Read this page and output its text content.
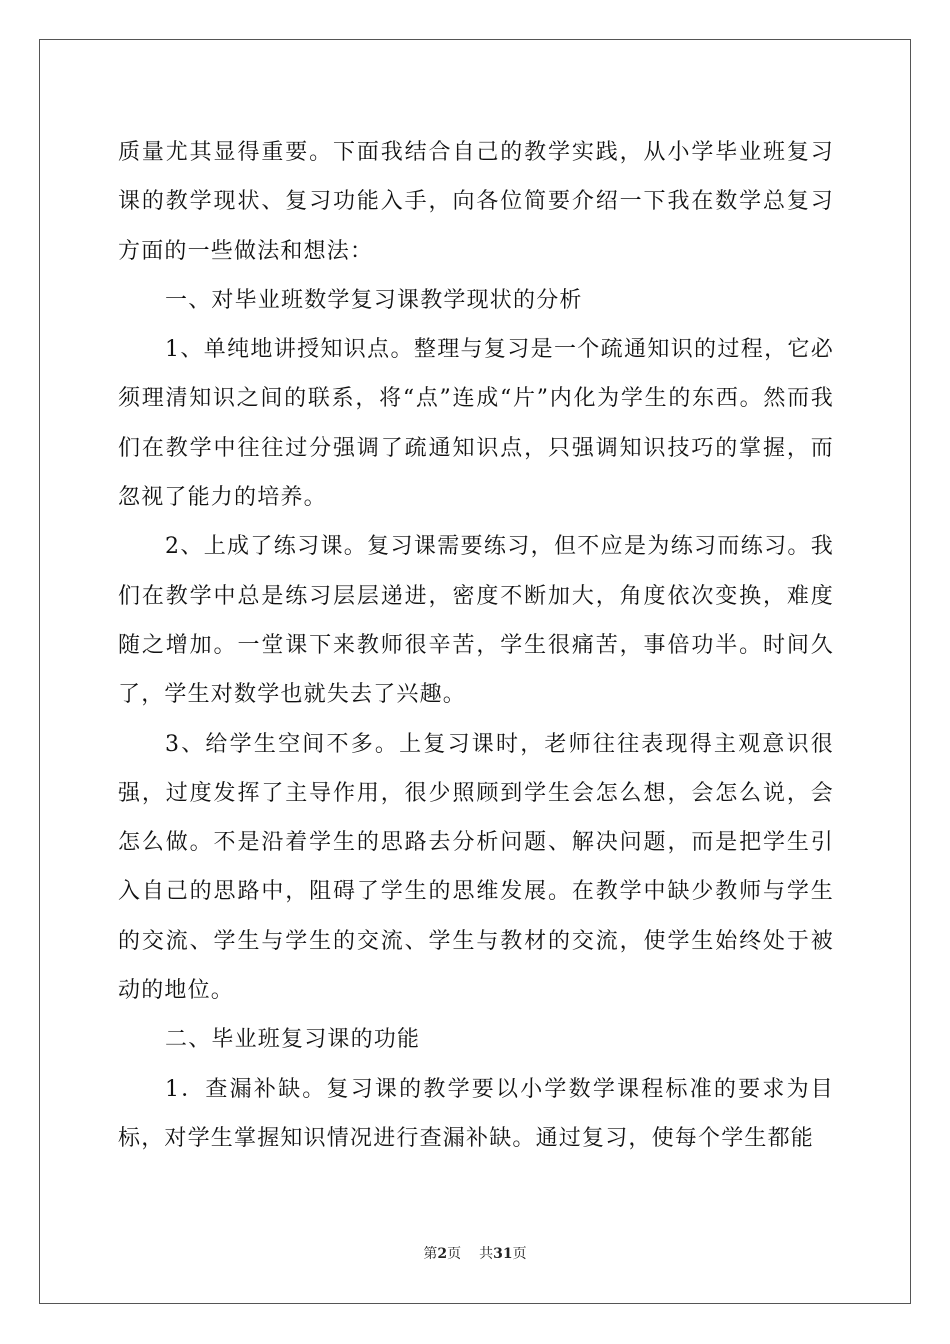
质量尤其显得重要。下面我结合自己的教学实践，从小学毕业班复习课的教学现状、复习功能入手，向各位简要介绍一下我在数学总复习方面的一些做法和想法：

一、对毕业班数学复习课教学现状的分析

1、单纯地讲授知识点。整理与复习是一个疏通知识的过程，它必须理清知识之间的联系，将“点”连成“片”内化为学生的东西。然而我们在教学中往往过分强调了疏通知识点，只强调知识技巧的掌握，而忽视了能力的培养。

2、上成了练习课。复习课需要练习，但不应是为练习而练习。我们在教学中总是练习层层递进，密度不断加大，角度依次变换，难度随之增加。一堂课下来教师很辛苦，学生很痛苦，事倍功半。时间久了，学生对数学也就失去了兴趣。

3、给学生空间不多。上复习课时，老师往往表现得主观意识很强，过度发挥了主导作用，很少照顾到学生会怎么想，会怎么说，会怎么做。不是沿着学生的思路去分析问题、解决问题，而是把学生引入自己的思路中，阻碍了学生的思维发展。在教学中缺少教师与学生的交流、学生与学生的交流、学生与教材的交流，使学生始终处于被动的地位。

二、毕业班复习课的功能

1．查漏补缺。复习课的教学要以小学数学课程标准的要求为目标，对学生掌握知识情况进行查漏补缺。通过复习，使每个学生都能

第2页 共31页
